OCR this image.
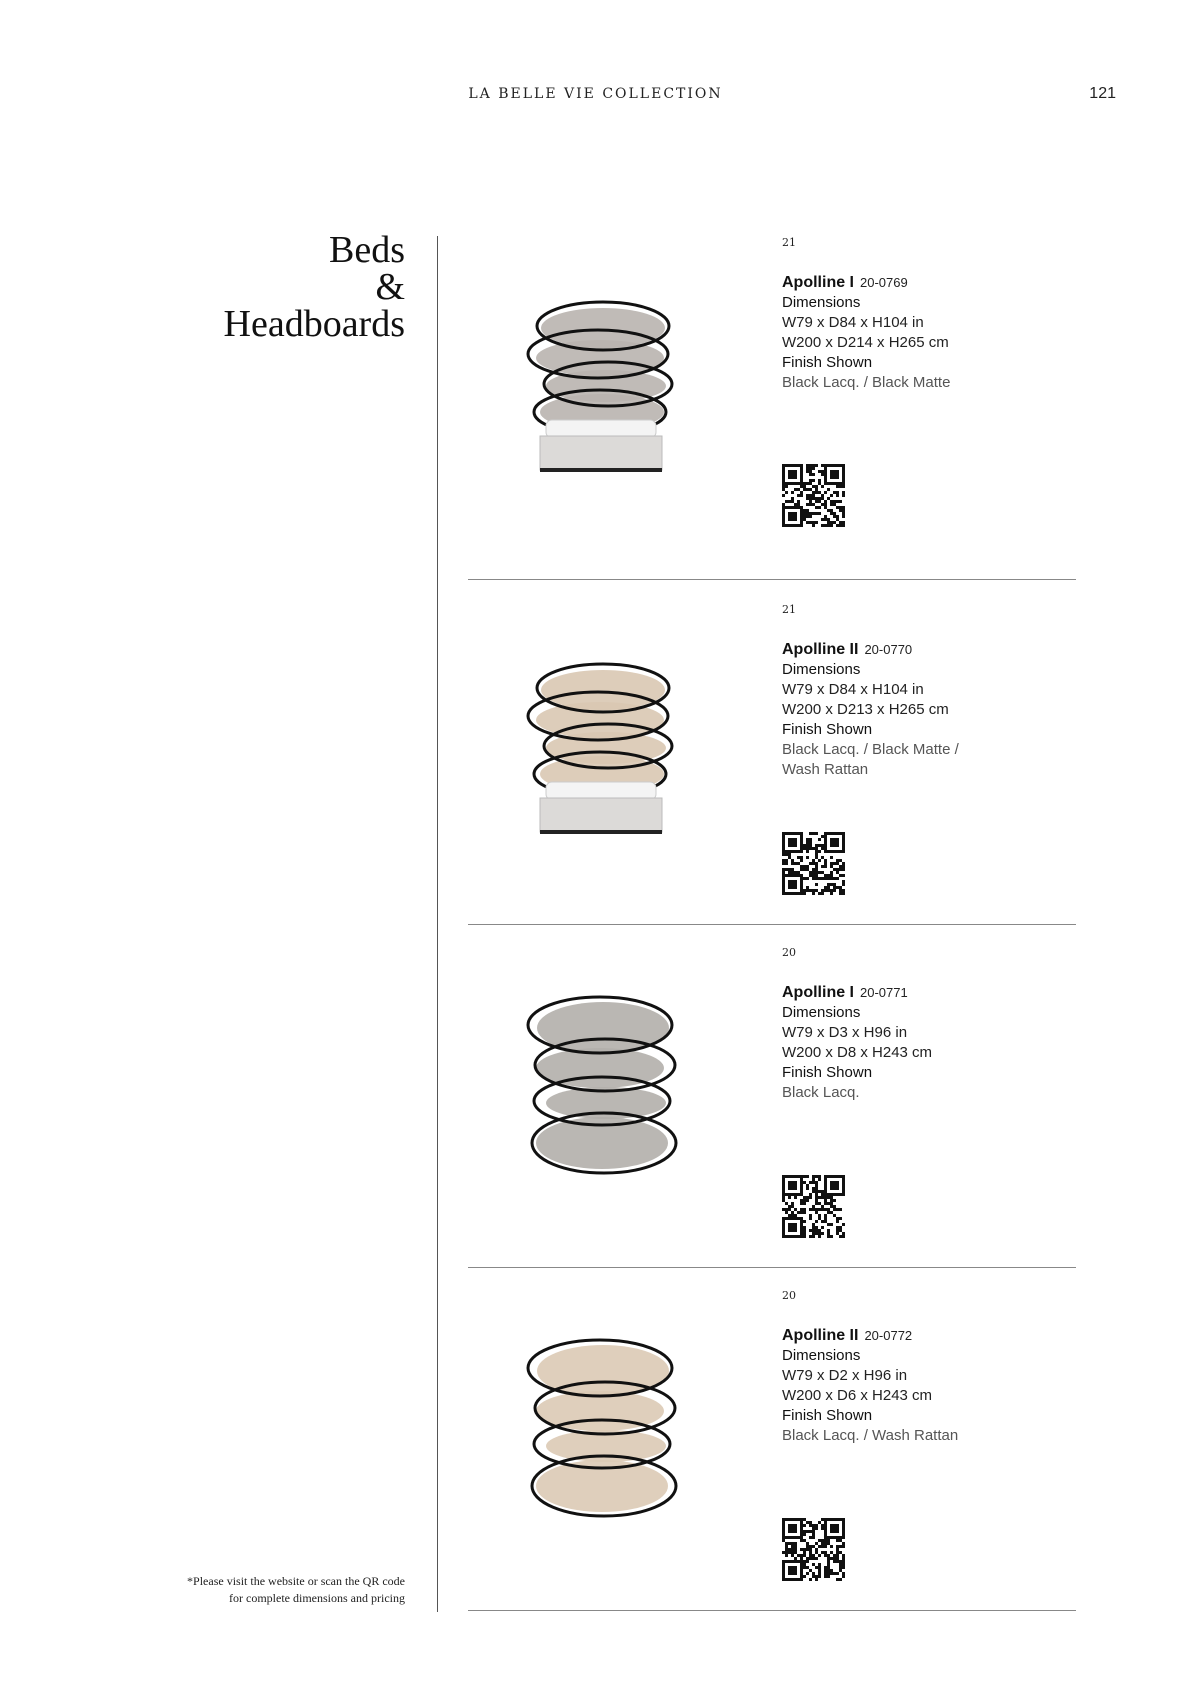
LA BELLE VIE COLLECTION	121
Beds
&
Headboards
*Please visit the website or scan the QR code
for complete dimensions and pricing
21
Apolline I 20-0769
Dimensions
W79 x D84 x H104 in
W200 x D214 x H265 cm
Finish Shown
Black Lacq. / Black Matte
21
Apolline II 20-0770
Dimensions
W79 x D84 x H104 in
W200 x D213 x H265 cm
Finish Shown
Black Lacq. / Black Matte /
Wash Rattan
20
Apolline I 20-0771
Dimensions
W79 x D3 x H96 in
W200 x D8 x H243 cm
Finish Shown
Black Lacq.
20
Apolline II 20-0772
Dimensions
W79 x D2 x H96 in
W200 x D6 x H243 cm
Finish Shown
Black Lacq. / Wash Rattan
